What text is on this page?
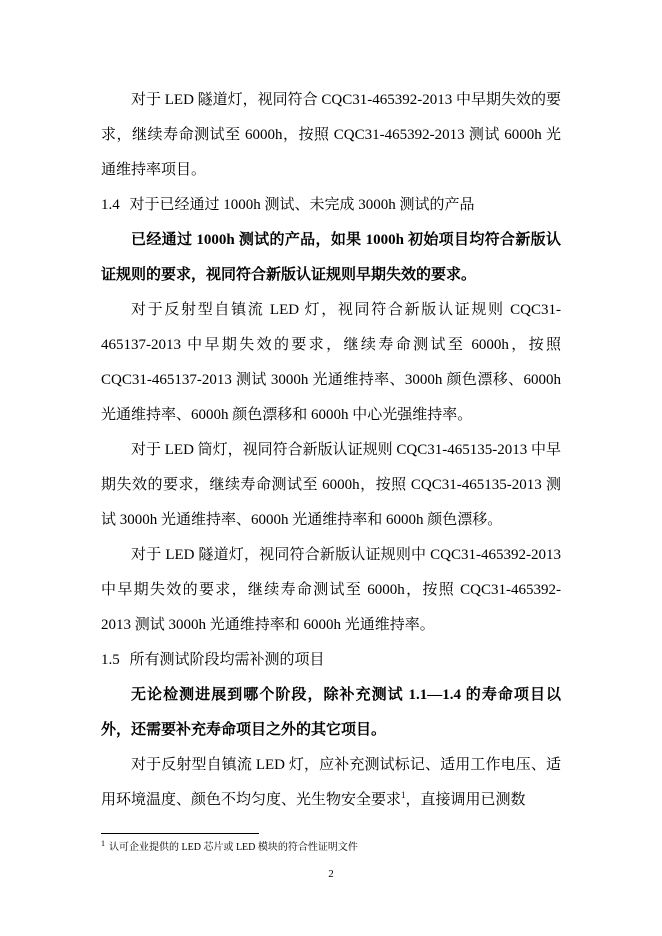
对于 LED 隧道灯，视同符合 CQC31-465392-2013 中早期失效的要求，继续寿命测试至 6000h，按照 CQC31-465392-2013 测试 6000h 光通维持率项目。

1.4 对于已经通过 1000h 测试、未完成 3000h 测试的产品

已经通过 1000h 测试的产品，如果 1000h 初始项目均符合新版认证规则的要求，视同符合新版认证规则早期失效的要求。

对于反射型自镇流 LED 灯，视同符合新版认证规则 CQC31-465137-2013 中早期失效的要求，继续寿命测试至 6000h，按照 CQC31-465137-2013 测试 3000h 光通维持率、3000h 颜色漂移、6000h 光通维持率、6000h 颜色漂移和 6000h 中心光强维持率。

对于 LED 筒灯，视同符合新版认证规则 CQC31-465135-2013 中早期失效的要求，继续寿命测试至 6000h，按照 CQC31-465135-2013 测试 3000h 光通维持率、6000h 光通维持率和 6000h 颜色漂移。

对于 LED 隧道灯，视同符合新版认证规则中 CQC31-465392-2013 中早期失效的要求，继续寿命测试至 6000h，按照 CQC31-465392-2013 测试 3000h 光通维持率和 6000h 光通维持率。

1.5 所有测试阶段均需补测的项目

无论检测进展到哪个阶段，除补充测试 1.1—1.4 的寿命项目以外，还需要补充寿命项目之外的其它项目。

对于反射型自镇流 LED 灯，应补充测试标记、适用工作电压、适用环境温度、颜色不均匀度、光生物安全要求$^1$，直接调用已测数

$^1$ 认可企业提供的 LED 芯片或 LED 模块的符合性证明文件
2
